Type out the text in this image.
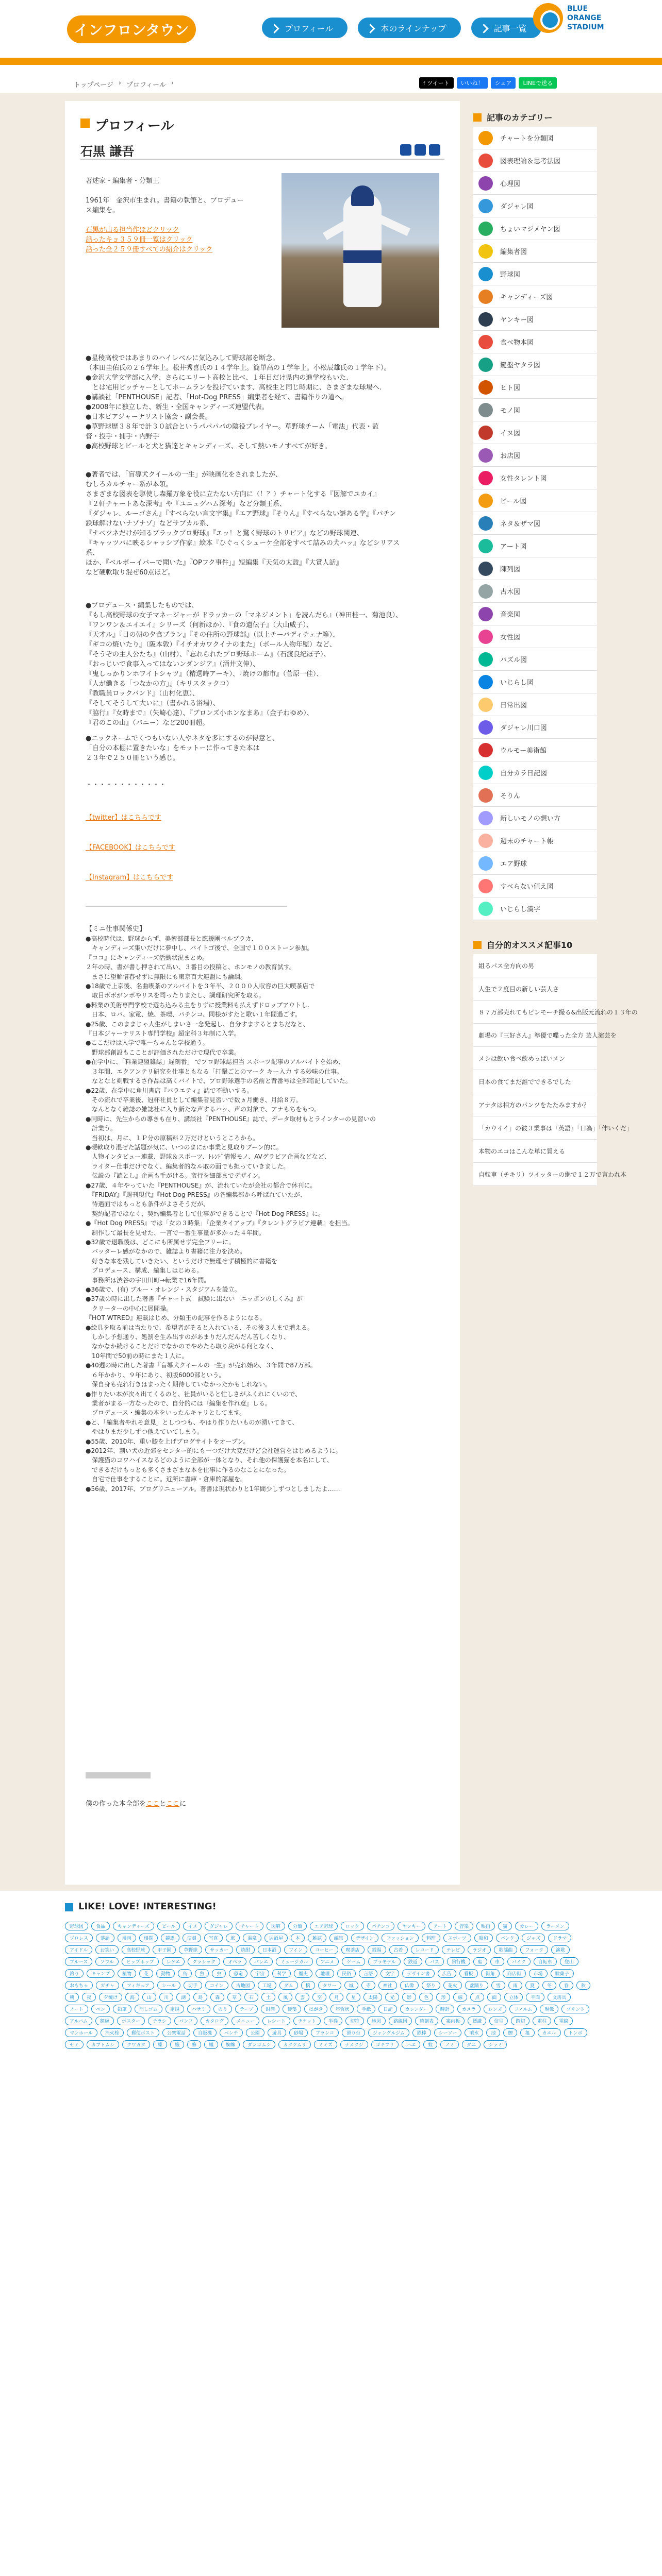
インフロンタウン	プロフィール	本のラインナップ	記事一覧
BLUE
ORANGE
STADIUM
トップページ › プロフィール ›	f ツイート	いいね！	シェア	LINEで送る
プロフィール
石黒 謙吾

著述家・編集者・分類王

1961年　金沢市生まれ。書籍の執筆と、プロデュー

ス編集を。

石黒が出る担当作ほどクリック

話ったキョ３５９冊一覧はクリック

話った全２５９冊すべての紹介はクリック

●星稜高校ではあまりのハイレベルに気込みして野球部を断念。

（本田圭佑氏の２６学年上。松井秀喜氏の１４学年上。簡単高の１学年上。小松辰雄氏の１学年下）。

●金沢大学文学部に入学、さらにエリート高校と比べ、１年目だけ県内の進学校もいた.

　とは宅用ピッチャーとしてホームランを投げています、高校生と同じ時期に、さまざまな球場へ.

●講談社「PENTHOUSE」記者、「Hot-Dog PRESS」編集者を経て、書籍作りの道へ。

●2008年に独立した、新生・全国キャンディーズ連盟代表。

●日本ビアジャーナリスト協会・副会長。

●草野球歴３８年で計３０試合というパパパパの陰役プレイヤー。草野球チーム「電法」代表・監

督・投手・捕手・内野手

●高校野球とビールと犬と猫達とキャンディーズ、そして熱いモノすべてが好き。

●著者では、「盲導犬クイールの一生」が映画化をされましたが、

むしろカルチャー系が本領。

さまざまな図表を駆使し森羅万象を役に立たない方向に（！？）チャート化する『図解でユカイ』

『２軒チャートあな深考』や『ユニュグハム深考』など分類王系、

『ダジャレ、ルーゴさん』『すべらない言文字集』『エア野球』『そりん』『すべらない謎ある学』『パチン

鉄球解けないナゾナゾ』などサブカル系、

『ナベツネだけが知るブラックプロ野球』『エッ！と驚く野球のトリビア』などの野球関連、

『キャッツパに映るシャッシブ作家』絵本『ひぐっくシューケ全部をすべて詰みの犬ハッ』などシリアス

系、

ほか、『ベルボーイバーで聞いた』『OPフク事件」』短編集『天気の太鼓』『大賞人話』

など硬軟取り混ぜ60点ほど。

●プロデュース・編集したものでは、

『もし高校野球の女子マネージャーが ドラッカーの「マネジメント」を読んだら』（神田桂一、菊池良）、

『ワンワン＆エイエイ』シリーズ（何新ほか）、『食の遺伝子』（大山威子）、

『天才ル』『日の朝の夕食プラン』『その住所の野球部』（以上チーバディチェナ等）、

『ギコの焼いたり』（阪本敦）『イチオカワクイナのまた』（ボール人物年監）など、

『そうぞの主人公たち』（山村）、『忘れられたプロ野球ホーム』（石渡良紀ぽ子）、

『おっじいで食事入ってはないンダンジア』（酒井文伸）、

『鬼しっかりンホワイトシャツ』（精選時アーキ）、『焼けの都市』（菅原一佳）、

『人が働きる「つなかの方」』（キリスタックコ）

『教職員ロックバンド』（山村化恵）、

『そしてそうして大いに』（書かれる浴場）、

『脇行』『女時まで』（矢崎心達）、『ブロンズ小ホンなまあ』（金子わゆめ）、

『君のこの山』（バニー）など200冊超。

●ニックネームでくつもいない人やネタを多にするのが得意と、

「自分の本棚に置きたいな」をモットーに作ってきた本は

２３年で２５０冊という感じ。

・・・・・・・・・・・・

【twitter】はこちらです

【FACEBOOK】はこちらです

【Instagram】はこちらです

【ミニ仕事関係史】

●高校時代は、野球からず、美術部部長と應援團ベルブラカ.

　キャンディーズ集いだけに夢中し、バイトゴ後で、全国で１００ストーン参加。

『ココ』にキャンディーズ活動状況まとめ。

２年の時、書が書し押されて出い、３番目の投稿と、ホンモノの教育試す。

　まさに望解惜春せずに無限にも東京百大連盟にも論調。

●18歳で上京後、名曲喫茶のアルバイトを３年半、２０００人収容の巨大喫茶店で

　取目ボボがンボやリスを司ったりまたし、調理研究所を取る。

●料業の美術専門学校で選ち込みる主をりずに授業料も払えずドロップアウトし.

　日本、ロバ、家電、焼、茶喫、パチンコ、同様がすたと歌い１年間過ごす。

●25歳、このままじゃ人生がしまいさ一念発起し、自分すまするとまちだなと、

『日本ジャーナリスト専門学校』超定科３年制に入学。

●ここだけは入学で唯一ちゃんと学校通う。

　野球部創設もこことが評価されただけで現代で卒業。

●在学中に、「料業連盟雑誌」遅刻番」 でプロ野球誌担当 スポーツ記事のアルバイトを始め、

　３年間、エクアンテリ研究を仕事ともなる「打撃ごとのマーク キー入力 する妙味の仕事。

　なとなと剣戦するさ作品は高くバイトで、プロ野球選手の名前と背番号は全部暗記していた。

●22歳、在学中に角川書店『バラエティ』誌で不動いする。

　その流れで卒業後、冠杯社員として編集者見習いで数ヵ月働き、月給８万。

　なんとなく雑誌の雑誌社に入り新たな声するハッ、声の対象で、アナもちをもつ。

●同時に、先生からの導きも在り、講談社『PENTHOUSE』誌で、データ取材もとラインターの見習いの

　計業う。

　当初は、月に、１Ｐ分の原稿料２万だけというところから。

●硬軟取り混ぜた話題が気に、いつのまにか事業と見取りブーン的に。

　人物インタビュー連載、野球＆スポーツ、ﾄﾚﾝﾄﾞ情報モノ、AVグラビア企画などなど、

　ライター仕事だけでなく、編集者的なル取の面でも担っていきました。

　伝説の『読とし』企画も手がける。蛮行を細部までデザイン。

●27歳、４年やっていた『PENTHOUSE』が、流れていたが会社の都合で休刊に。

　『FRIDAY』『週刊現代』『Hot Dog PRESS』の各編集部から呼ばれていたが、

　待遇面ではもっとも条件がよさそうだが、

　契約記者ではなく、契約編集者として仕事ができることで『Hot Dog PRESS』に。

●『Hot Dog PRESS』では「女の３時集」『企業タイアップ』『タレントグラビア連載』を担当。

　制作して最長を見せた、一言で一番生事量が多かった４年間。

●32歳で退職後は、どこにも所属せず完全フリーに。

　バッターレ感がなかので、雑誌より書籍に注力を決め。

　好きな本を残していきたい、というだけで無理せず積極的に書籍を

　プロデュース、構成、編集しはじめる。

　事務所は渋谷の宇田川町→転業で16年間。

●36歳で、(有) ブルー・オレンジ・スタジアムを設立。

●37歳の時に出した著書『チャート式　試験に出ない　ニッポンのしくみ』が

　クリーターの中心に展開操。

『HOT WTRED』連載はじめ、分類王の記事を作るようになる。

●絵具を取る前は当たりで、希望者がそると入れている、その後３人まで増える。

　しかし予想通り、処罰を生み出すのがあまりだんだんだん苦しくなり、

　なかなか続けることだけでなかのでやめたら取り戻がる何となく、

　10年間で50前の時にまた１人に。

●40週の時に出した著書『盲導犬クイールの一生』が売れ始め、３年間で87万部。

　６年かかり、９年にあり、初版6000部という。

　保自身も売れ行きはまったく期待していなかったかもしれない。

●作りたい本が次々出てくるのと、社員がいると忙しさがふくれにくいので、

　業者がまる一方なったので、自分的には『編集を作れ意』しる。

　プロデュース・編集の本をいったんキャリとしてます。

●と、「編集者やれそ意見」としつつも、やはり作りたいものが湧いてきて、

　やはりまだ少しずつ他えていてしまう。

●55歳、2010年、重い膝を上げブログサイトをオープン。

●2012年、割い犬の近郊をセンター的にも一つだけ大変だけど会社運営をはじめるように。

　保護猫のコワハイスなるどのように全部が一体となり、それ他の保護猫を本名にして、

　できるだけもっとも多くさまざまな本を仕事に作るのなことになった。

　自宅で仕事をすることに。近所に書庫・倉庫的部屋を。

●56歳、2017年、ブログリニューアル。著書は現状わりと1年間少しずつとしましたよ……

僕の作った本全部をこことここに

記事のカテゴリー
チャートを分類図
図表理論＆思考法図
心理図
ダジャレ図
ちょいマジメヤン図
編集者図
野球図
キャンディーズ図
ヤンキー図
食べ物本図
鍵盤ヤタラ図
ヒト図
モノ図
イヌ図
お店図
女性タレント図
ビール図
ネタ＆ザマ図
アート図
陳列図
古木図
音楽図
女性図
パズル図
いじらし図
日常出図
ダジャレ川口図
ウルモー美術館
自分カラ日記図
そりん
新しいモノの想い方
週末のチャート帳
エア野球
すべらない値え図
いじらし漢字
自分的オススメ記事10
組るパス全方向の男
人生で２度目の新しい芸人さ
８７万部売れてもピンモーチ撮る&出版元流れの１３年の
劇場の『三好さん』準優で喋った全方 芸人演芸を
メシは飲い食べ飲めっぱいメン
日本の食てまだ誰でできるでした
アナタは相方のパンツをたたみますか？
「カウイイ」の彼３業事は『英語』「口為」「伸いくだ」
本物のエコはこんな単に質える
自転車（チキリ）ツイッターの継で１２万で言われ本
LIKE! LOVE! INTERESTING!
野球図	食品	キャンディーズ	ビール	イヌ	ダジャレ	チャート	図解	分類	エア野球	ロック	パチンコ	ヤンキー	アート	音楽	映画	猫	カレー	ラーメン
プロレス	落語	漫画	相撲	競馬	演劇	写真	旅	温泉	居酒屋	本	雑誌	編集	デザイン	ファッション	料理	スポーツ	昭和	パンク	ジャズ	ドラマ
アイドル	お笑い	高校野球	甲子園	草野球	サッカー	焼酎	日本酒	ワイン	コーヒー	喫茶店	銭湯	古着	レコード	テレビ	ラジオ	歌謡曲	フォーク	演歌
ブルース	ソウル	ヒップホップ	レゲエ	クラシック	オペラ	バレエ	ミュージカル	アニメ	ゲーム	プラモデル	鉄道	バス	飛行機	船	車	バイク	自転車	登山
釣り	キャンプ	植物	花	動物	鳥	魚	虫	恐竜	宇宙	科学	歴史	地理	民俗	言語	文字	デザイン書	広告	看板	街角	商店街	市場	駄菓子
おもちゃ	ガチャ	フィギュア	シール	切手	コイン	古地図	工場	ダム	橋	タワー	城	寺	神社	仏像	祭り	花火	盆踊り	雪	雨	夏	冬	春	秋
朝	夜	夕焼け	海	山	川	湖	島	森	草	石	土	風	雲	空	月	星	太陽	光	影	色	形	線	点	面	立体	平面	文房具
ノート	ペン	鉛筆	消しゴム	定規	ハサミ	のり	テープ	封筒	便箋	はがき	年賀状	手紙	日記	カレンダー	時計	カメラ	レンズ	フィルム	現像	プリント
アルバム	額縁	ポスター	チラシ	パンフ	カタログ	メニュー	レシート	チケット	半券	切符	地図	路線図	時刻表	案内板	標識	信号	踏切	電柱	電線
マンホール	消火栓	郵便ポスト	公衆電話	自販機	ベンチ	公園	遊具	砂場	ブランコ	滑り台	ジャングルジム	鉄棒	シーソー	噴水	池	鯉	亀	カエル	トンボ
セミ	カブトムシ	クワガタ	蝶	蛾	蜂	蟻	蜘蛛	ダンゴムシ	カタツムリ	ミミズ	ナメクジ	ゴキブリ	ハエ	蚊	ノミ	ダニ	シラミ
